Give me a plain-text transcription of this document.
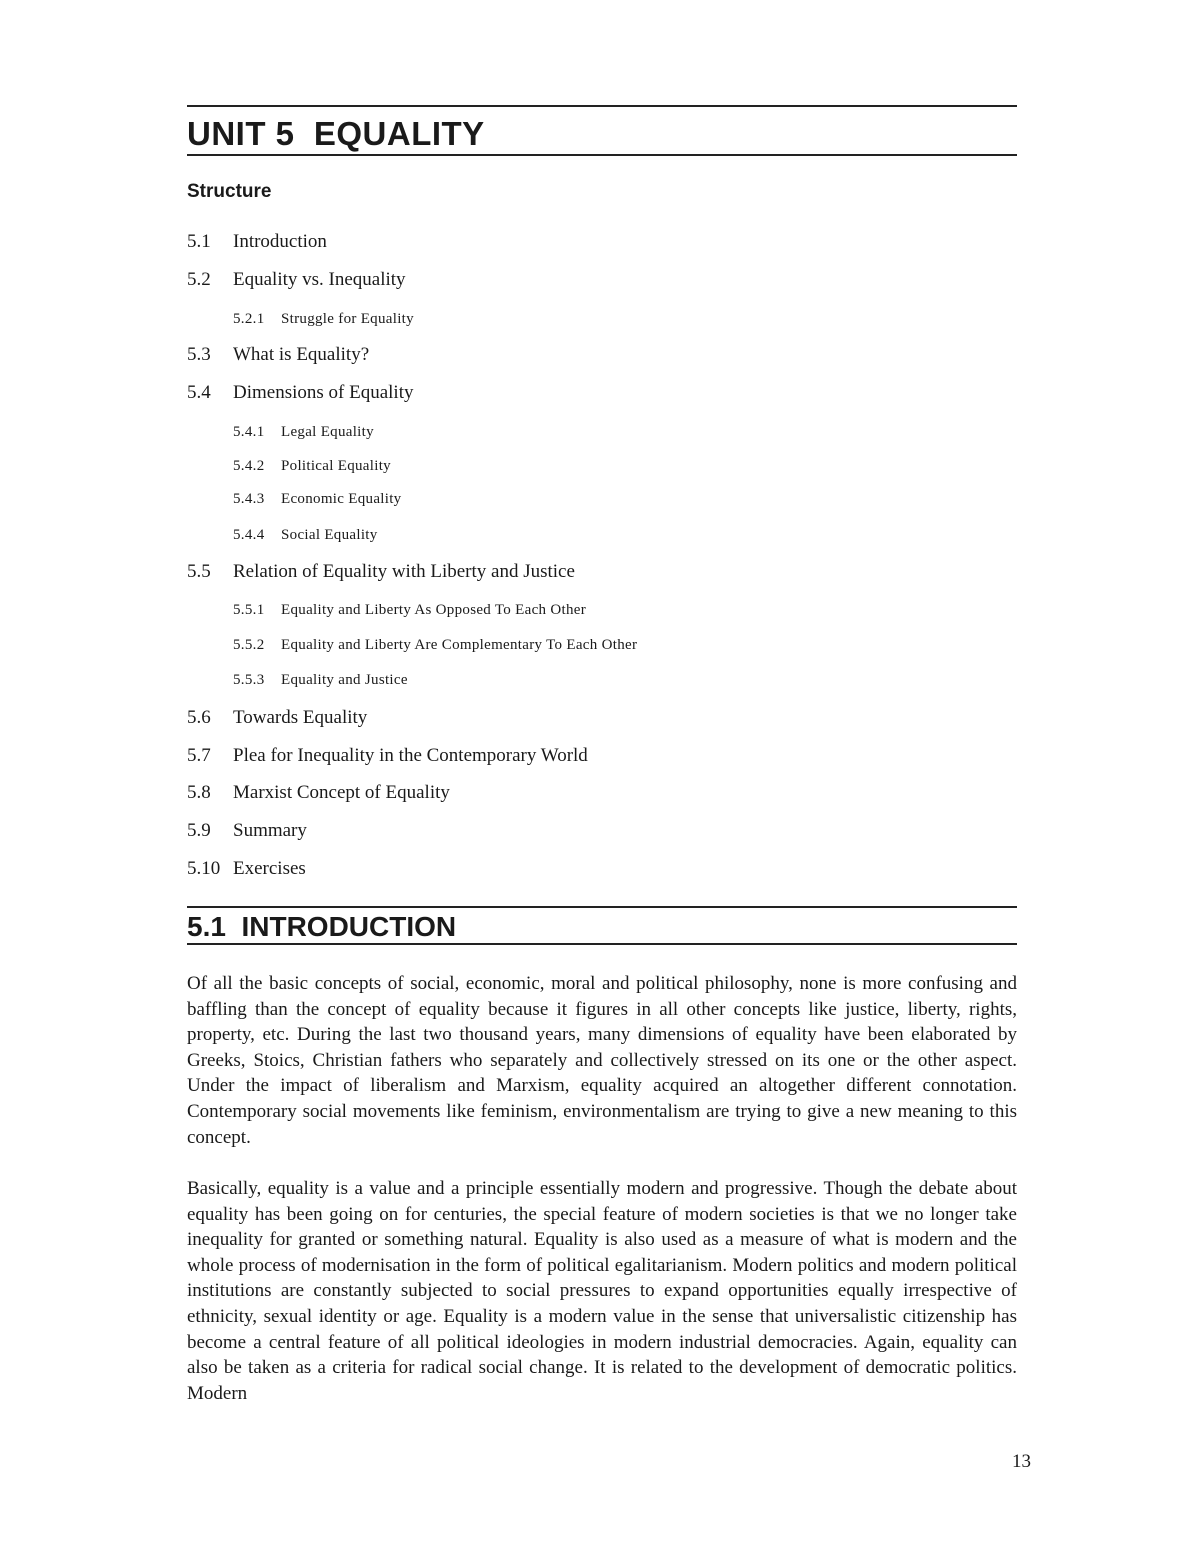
UNIT 5  EQUALITY
Structure
5.1 Introduction
5.2 Equality vs. Inequality
5.2.1 Struggle for Equality
5.3 What is Equality?
5.4 Dimensions of Equality
5.4.1 Legal Equality
5.4.2 Political Equality
5.4.3 Economic Equality
5.4.4 Social Equality
5.5 Relation of Equality with Liberty and Justice
5.5.1 Equality and Liberty As Opposed To Each Other
5.5.2 Equality and Liberty Are Complementary To Each Other
5.5.3 Equality and Justice
5.6 Towards Equality
5.7 Plea for Inequality in the Contemporary World
5.8 Marxist Concept of Equality
5.9 Summary
5.10 Exercises
5.1  INTRODUCTION

Of all the basic concepts of social, economic, moral and political philosophy, none is more confusing and baffling than the concept of equality because it figures in all other concepts like justice, liberty, rights, property, etc. During the last two thousand years, many dimensions of equality have been elaborated by Greeks, Stoics, Christian fathers who separately and collectively stressed on its one or the other aspect. Under the impact of liberalism and Marxism, equality acquired an altogether different connotation. Contemporary social movements like feminism, environmentalism are trying to give a new meaning to this concept.

Basically, equality is a value and a principle essentially modern and progressive. Though the debate about equality has been going on for centuries, the special feature of modern societies is that we no longer take inequality for granted or something natural. Equality is also used as a measure of what is modern and the whole process of modernisation in the form of political egalitarianism. Modern politics and modern political institutions are constantly subjected to social pressures to expand opportunities equally irrespective of ethnicity, sexual identity or age. Equality is a modern value in the sense that universalistic citizenship has become a central feature of all political ideologies in modern industrial democracies. Again, equality can also be taken as a criteria for radical social change. It is related to the development of democratic politics. Modern

13
